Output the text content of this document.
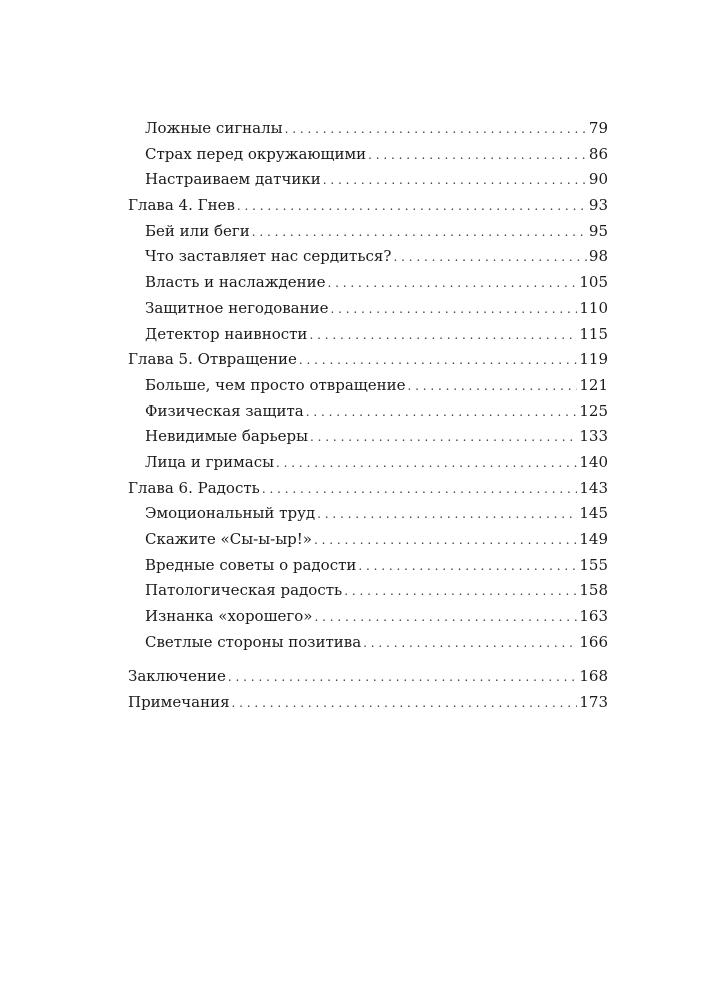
Ложные сигналы . . .	79
Страх перед окружающими . . .	86
Настраиваем датчики . . .	90
Глава 4. Гнев . . .	93
Бей или беги . . .	95
Что заставляет нас сердиться? . . .	98
Власть и наслаждение . . .	105
Защитное негодование . . .	110
Детектор наивности . . .	115
Глава 5. Отвращение . . .	119
Больше, чем просто отвращение . . .	121
Физическая защита . . .	125
Невидимые барьеры . . .	133
Лица и гримасы . . .	140
Глава 6. Радость . . .	143
Эмоциональный труд . . .	145
Скажите «Сы-ы-ыр!» . . .	149
Вредные советы о радости . . .	155
Патологическая радость . . .	158
Изнанка «хорошего» . . .	163
Светлые стороны позитива . . .	166
Заключение . . .	168
Примечания . . .	173
